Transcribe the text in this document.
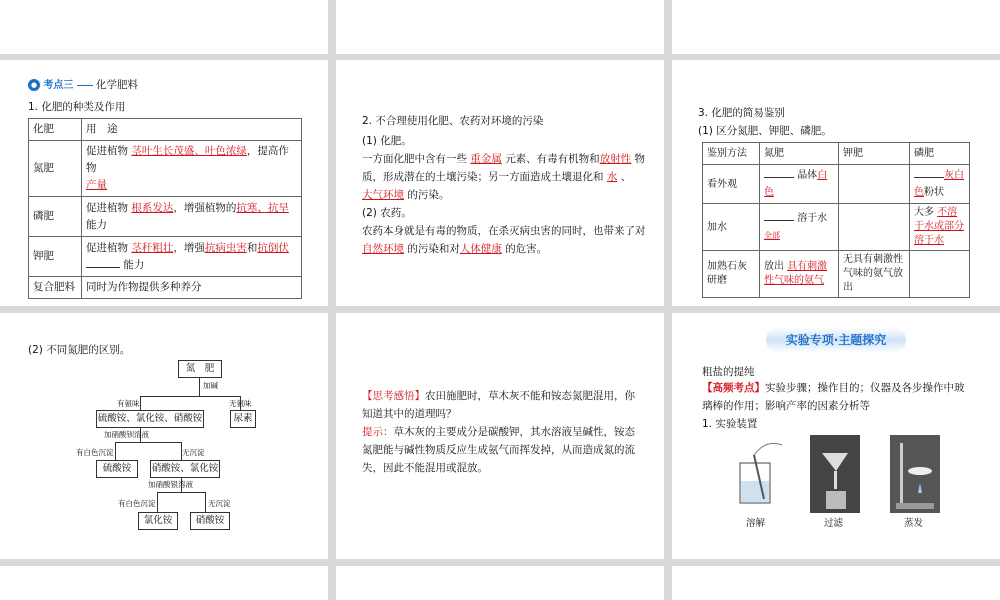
● 考点三 化学肥料
1. 化肥的种类及作用
化肥	用　途
氮肥	促进植物 茎叶生长茂盛、叶色浓绿，提高作物
产量
磷肥	促进植物 根系发达，增强植物的抗寒、抗旱
能力
钾肥	促进植物 茎秆粗壮，增强抗病虫害和抗倒伏
能力
复合肥料	同时为作物提供多种养分
2. 不合理使用化肥、农药对环境的污染
(1) 化肥。
一方面化肥中含有一些 重金属 元素、有毒有机物和放射性 物
质，形成潜在的土壤污染；另一方面造成土壤退化和 水 、
大气环境 的污染。
(2) 农药。
农药本身就是有毒的物质，在杀灭病虫害的同时，也带来了对
自然环境 的污染和对人体健康 的危害。
3. 化肥的简易鉴别
(1) 区分氮肥、钾肥、磷肥。
鉴别方法	氮肥	钾肥	磷肥
看外观	晶体白色		灰白色粉状
加水	溶于水全部		大多 不溶于水或部分溶于水
加熟石灰研磨	放出 具有刺激性气味的氨气	无具有刺激性气味的氨气放出	
(2) 不同氮肥的区别。
氮　肥
加碱
有氨味	无氨味
硫酸铵、氯化铵、硝酸铵	尿素
加硝酸钡溶液
有白色沉淀	无沉淀
硫酸铵	硝酸铵、氯化铵
加硝酸银溶液
有白色沉淀	无沉淀
氯化铵	硝酸铵
【思考感悟】农田施肥时，草木灰不能和铵态氮肥混用，你知道其中的道理吗？
提示：草木灰的主要成分是碳酸钾，其水溶液呈碱性，铵态氮肥能与碱性物质反应生成氨气而挥发掉，从而造成氮的流失，因此不能混用或混放。
实验专项·主题探究
粗盐的提纯
【高频考点】实验步骤；操作目的；仪器及各步操作中玻璃棒的作用；影响产率的因素分析等
1. 实验装置
溶解	过滤	蒸发
